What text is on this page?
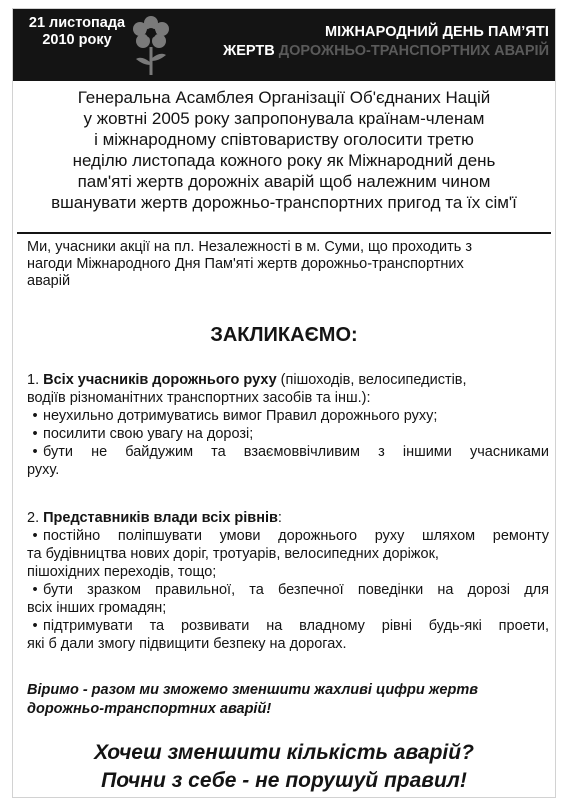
21 листопада
2010 року	МІЖНАРОДНИЙ ДЕНЬ ПАМ’ЯТІ
ЖЕРТВ ДОРОЖНЬО-ТРАНСПОРТНИХ АВАРІЙ
Генеральна Асамблея Організації Об'єднаних Націй
у жовтні 2005 року запропонувала країнам-членам
і міжнародному співтовариству оголосити третю
неділю листопада кожного року як Міжнародний день
пам'яті жертв дорожніх аварій щоб належним чином
вшанувати жертв дорожньо-транспортних пригод та їх сім'ї
Ми, учасники акції на пл. Незалежності в м. Суми, що проходить з
нагоди Міжнародного Дня Пам'яті жертв дорожньо-транспортних
аварій
ЗАКЛИКАЄМО:
1. Всіх учасників дорожнього руху (пішоходів, велосипедистів,
водіїв різноманітних транспортних засобів та інш.):
• неухильно дотримуватись вимог Правил дорожнього руху;
• посилити свою увагу на дорозі;
• бути не байдужим та взаємоввічливим з іншими учасниками
руху.
2. Представників влади всіх рівнів:
• постійно поліпшувати умови дорожнього руху шляхом ремонту
та будівництва нових доріг, тротуарів, велосипедних доріжок,
пішохідних переходів, тощо;
• бути зразком правильної, та безпечної поведінки на дорозі для
всіх інших громадян;
• підтримувати та розвивати на владному рівні будь-які проети,
які б дали змогу підвищити безпеку на дорогах.
Віримо - разом ми зможемо зменшити жахливі цифри жертв
дорожньо-транспортних аварій!
Хочеш зменшити кількість аварій?
Почни з себе - не порушуй правил!
